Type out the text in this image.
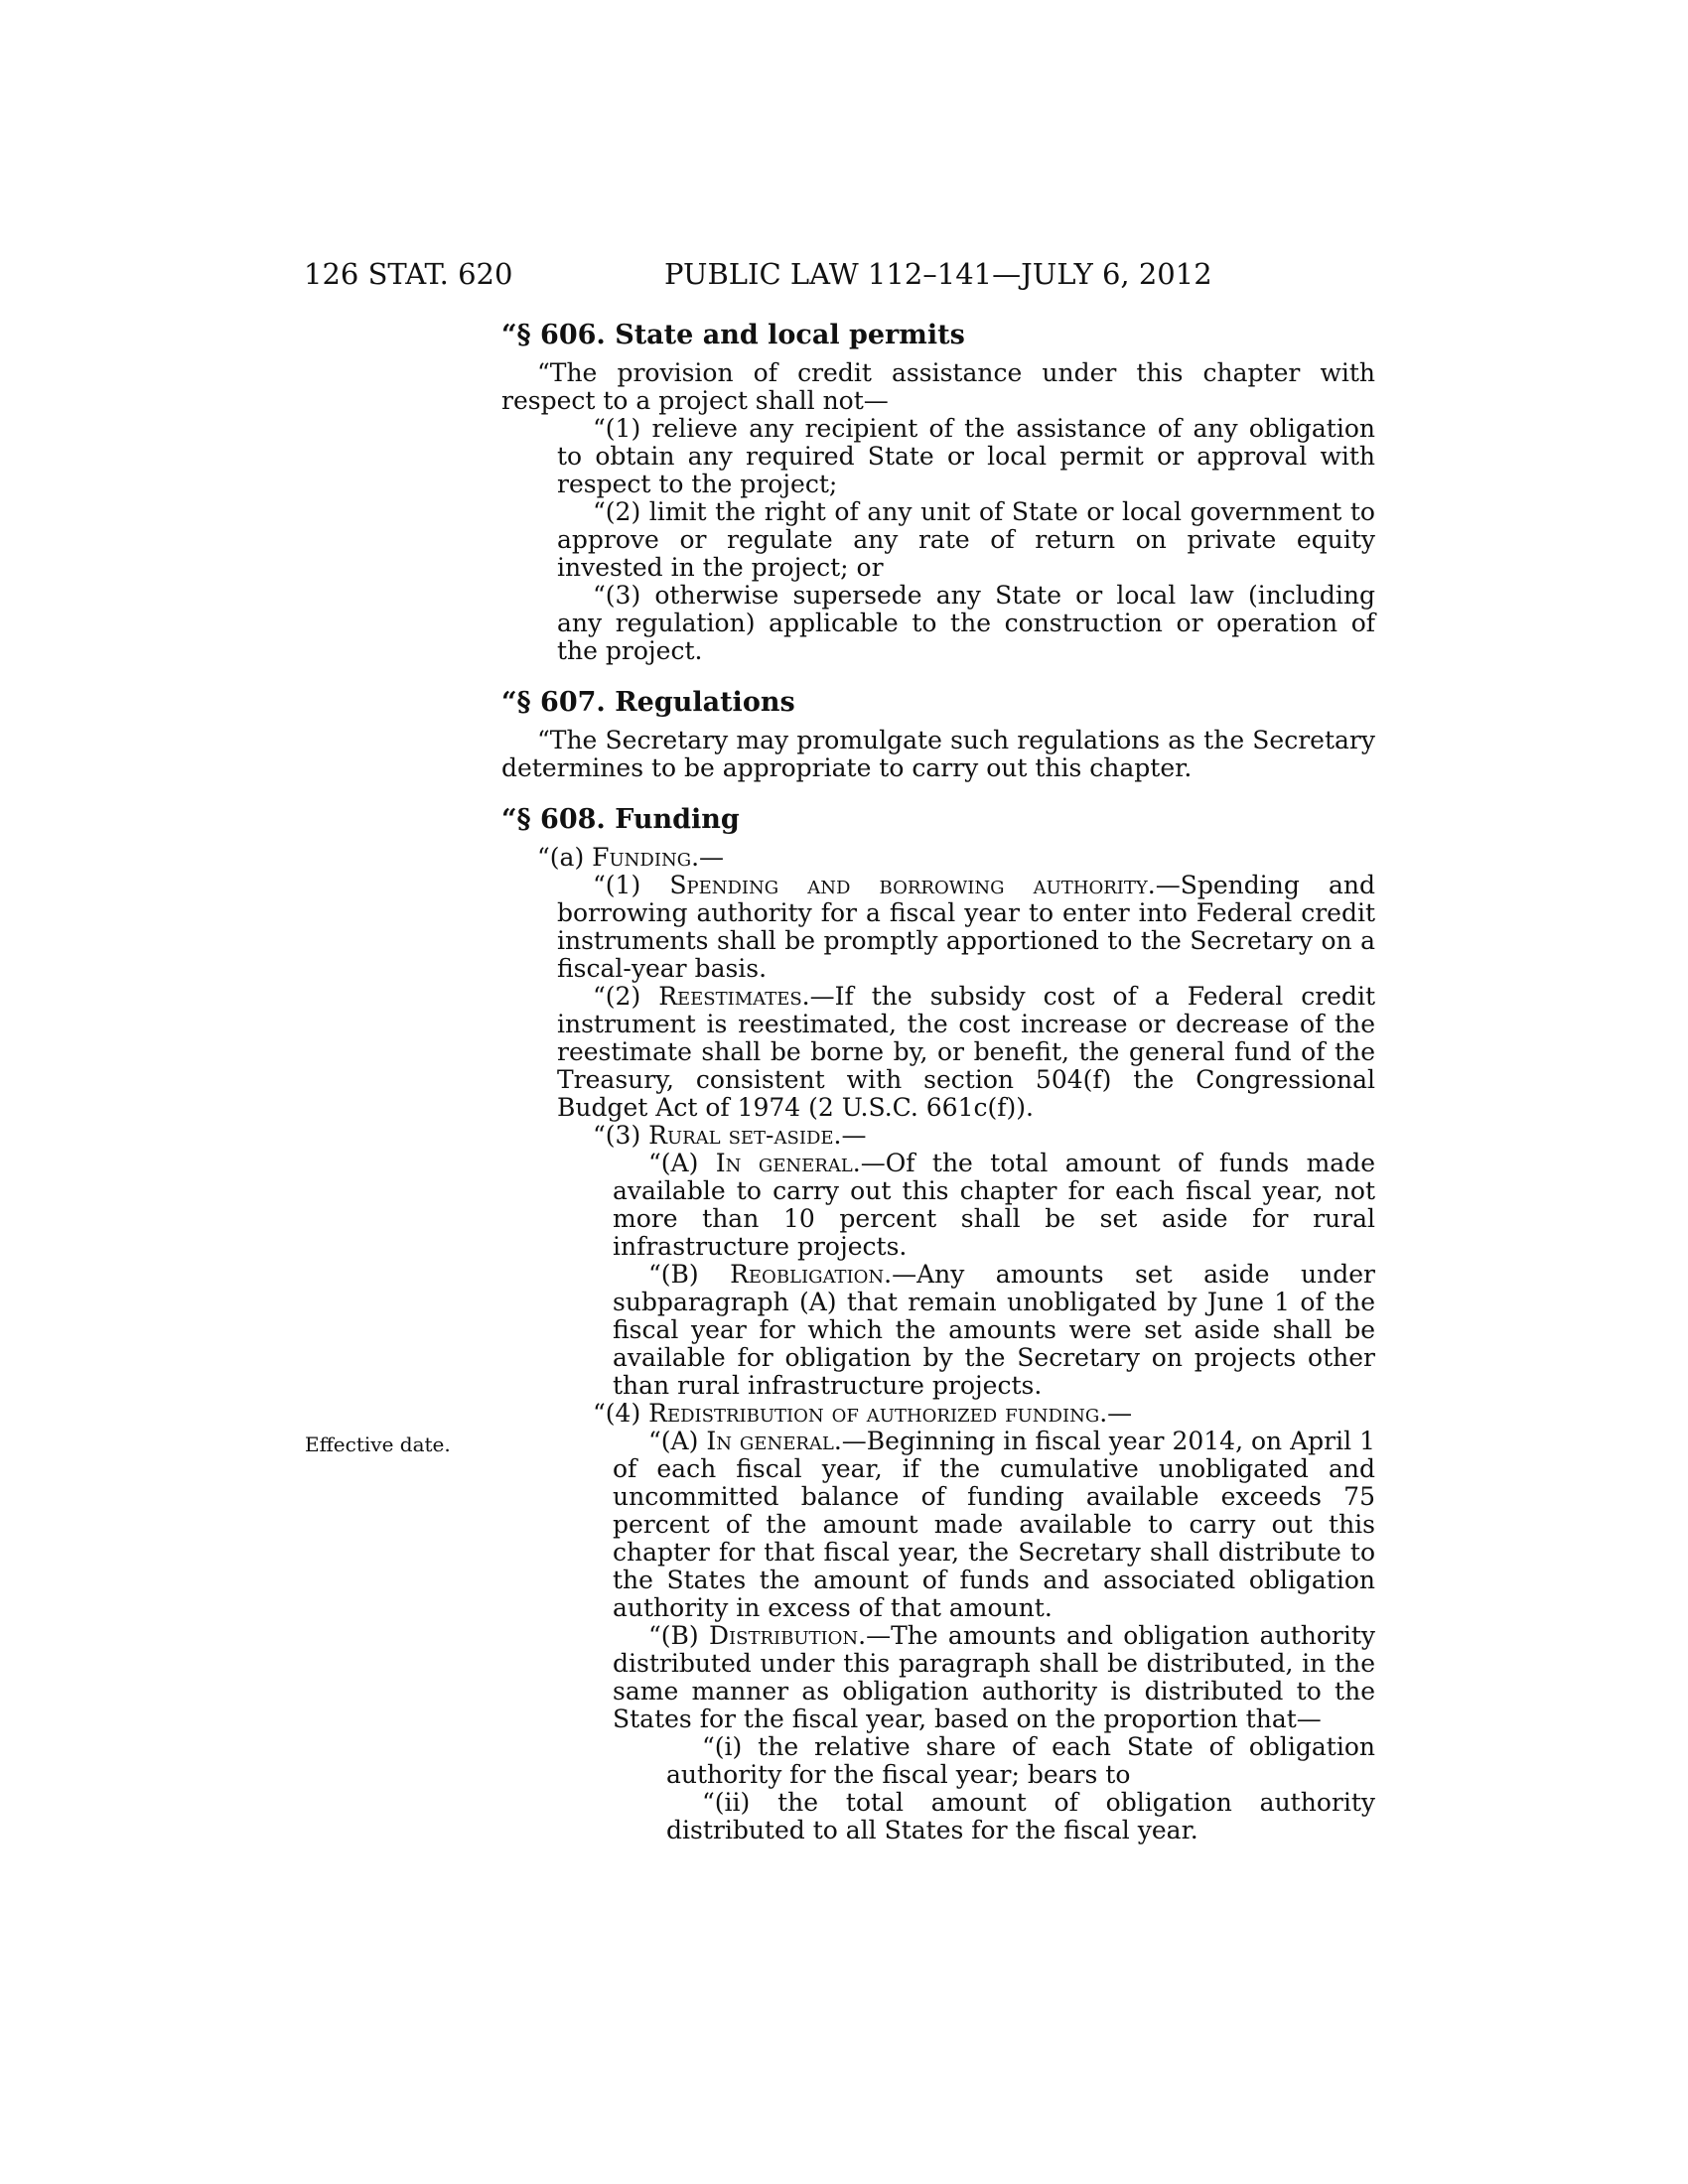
126 STAT. 620	PUBLIC LAW 112–141—JULY 6, 2012
Effective date.
“§ 606. State and local permits

“The provision of credit assistance under this chapter with respect to a project shall not—

“(1) relieve any recipient of the assistance of any obligation to obtain any required State or local permit or approval with respect to the project;

“(2) limit the right of any unit of State or local government to approve or regulate any rate of return on private equity invested in the project; or

“(3) otherwise supersede any State or local law (including any regulation) applicable to the construction or operation of the project.

“§ 607. Regulations

“The Secretary may promulgate such regulations as the Secretary determines to be appropriate to carry out this chapter.

“§ 608. Funding

“(a) Funding.—

“(1) Spending and borrowing authority.—Spending and borrowing authority for a fiscal year to enter into Federal credit instruments shall be promptly apportioned to the Secretary on a fiscal-year basis.

“(2) Reestimates.—If the subsidy cost of a Federal credit instrument is reestimated, the cost increase or decrease of the reestimate shall be borne by, or benefit, the general fund of the Treasury, consistent with section 504(f) the Congressional Budget Act of 1974 (2 U.S.C. 661c(f)).

“(3) Rural set-aside.—

“(A) In general.—Of the total amount of funds made available to carry out this chapter for each fiscal year, not more than 10 percent shall be set aside for rural infrastructure projects.

“(B) Reobligation.—Any amounts set aside under subparagraph (A) that remain unobligated by June 1 of the fiscal year for which the amounts were set aside shall be available for obligation by the Secretary on projects other than rural infrastructure projects.

“(4) Redistribution of authorized funding.—

“(A) In general.—Beginning in fiscal year 2014, on April 1 of each fiscal year, if the cumulative unobligated and uncommitted balance of funding available exceeds 75 percent of the amount made available to carry out this chapter for that fiscal year, the Secretary shall distribute to the States the amount of funds and associated obligation authority in excess of that amount.

“(B) Distribution.—The amounts and obligation authority distributed under this paragraph shall be distributed, in the same manner as obligation authority is distributed to the States for the fiscal year, based on the proportion that—

“(i) the relative share of each State of obligation authority for the fiscal year; bears to

“(ii) the total amount of obligation authority distributed to all States for the fiscal year.
